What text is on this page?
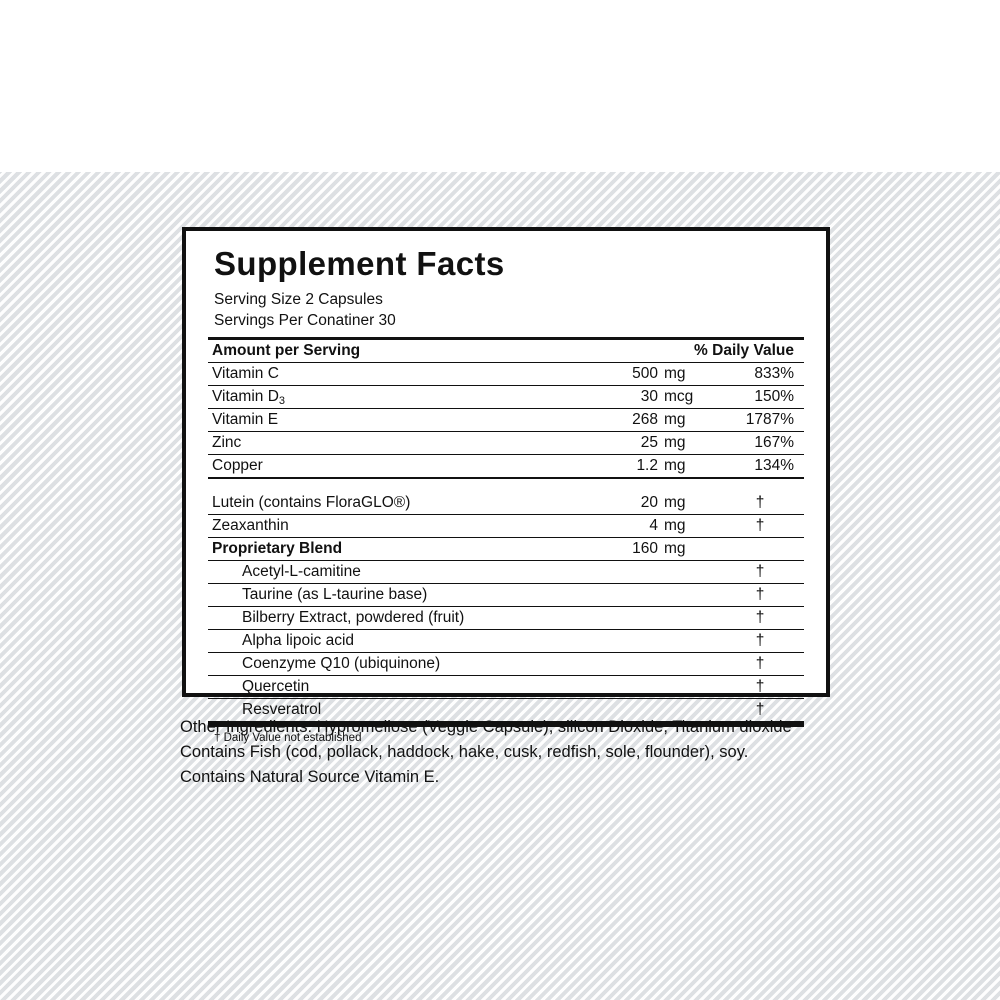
Supplement Facts
Serving Size 2 Capsules
Servings Per Conatiner 30
Amount per Serving		% Daily Value	
Vitamin C	500	mg	833%
Vitamin $D_3$	30	mcg	150%
Vitamin E	268	mg	1787%
Zinc	25	mg	167%
Copper	1.2	mg	134%

Lutein (contains FloraGLO®)	20	mg	†
Zeaxanthin	4	mg	†
Proprietary Blend	160	mg	
Acetyl-L-camitine			†
Taurine (as L-taurine base)			†
Bilberry Extract, powdered (fruit)			†
Alpha lipoic acid			†
Coenzyme Q10 (ubiquinone)			†
Quercetin			†
Resveratrol			†
† Daily Value not established
Other Ingredients: Hypromellose (Veggie Capsule), silicon Dioxide, Titanium dioxide
Contains Fish (cod, pollack, haddock, hake, cusk, redfish, sole, flounder), soy.
Contains Natural Source Vitamin E.
